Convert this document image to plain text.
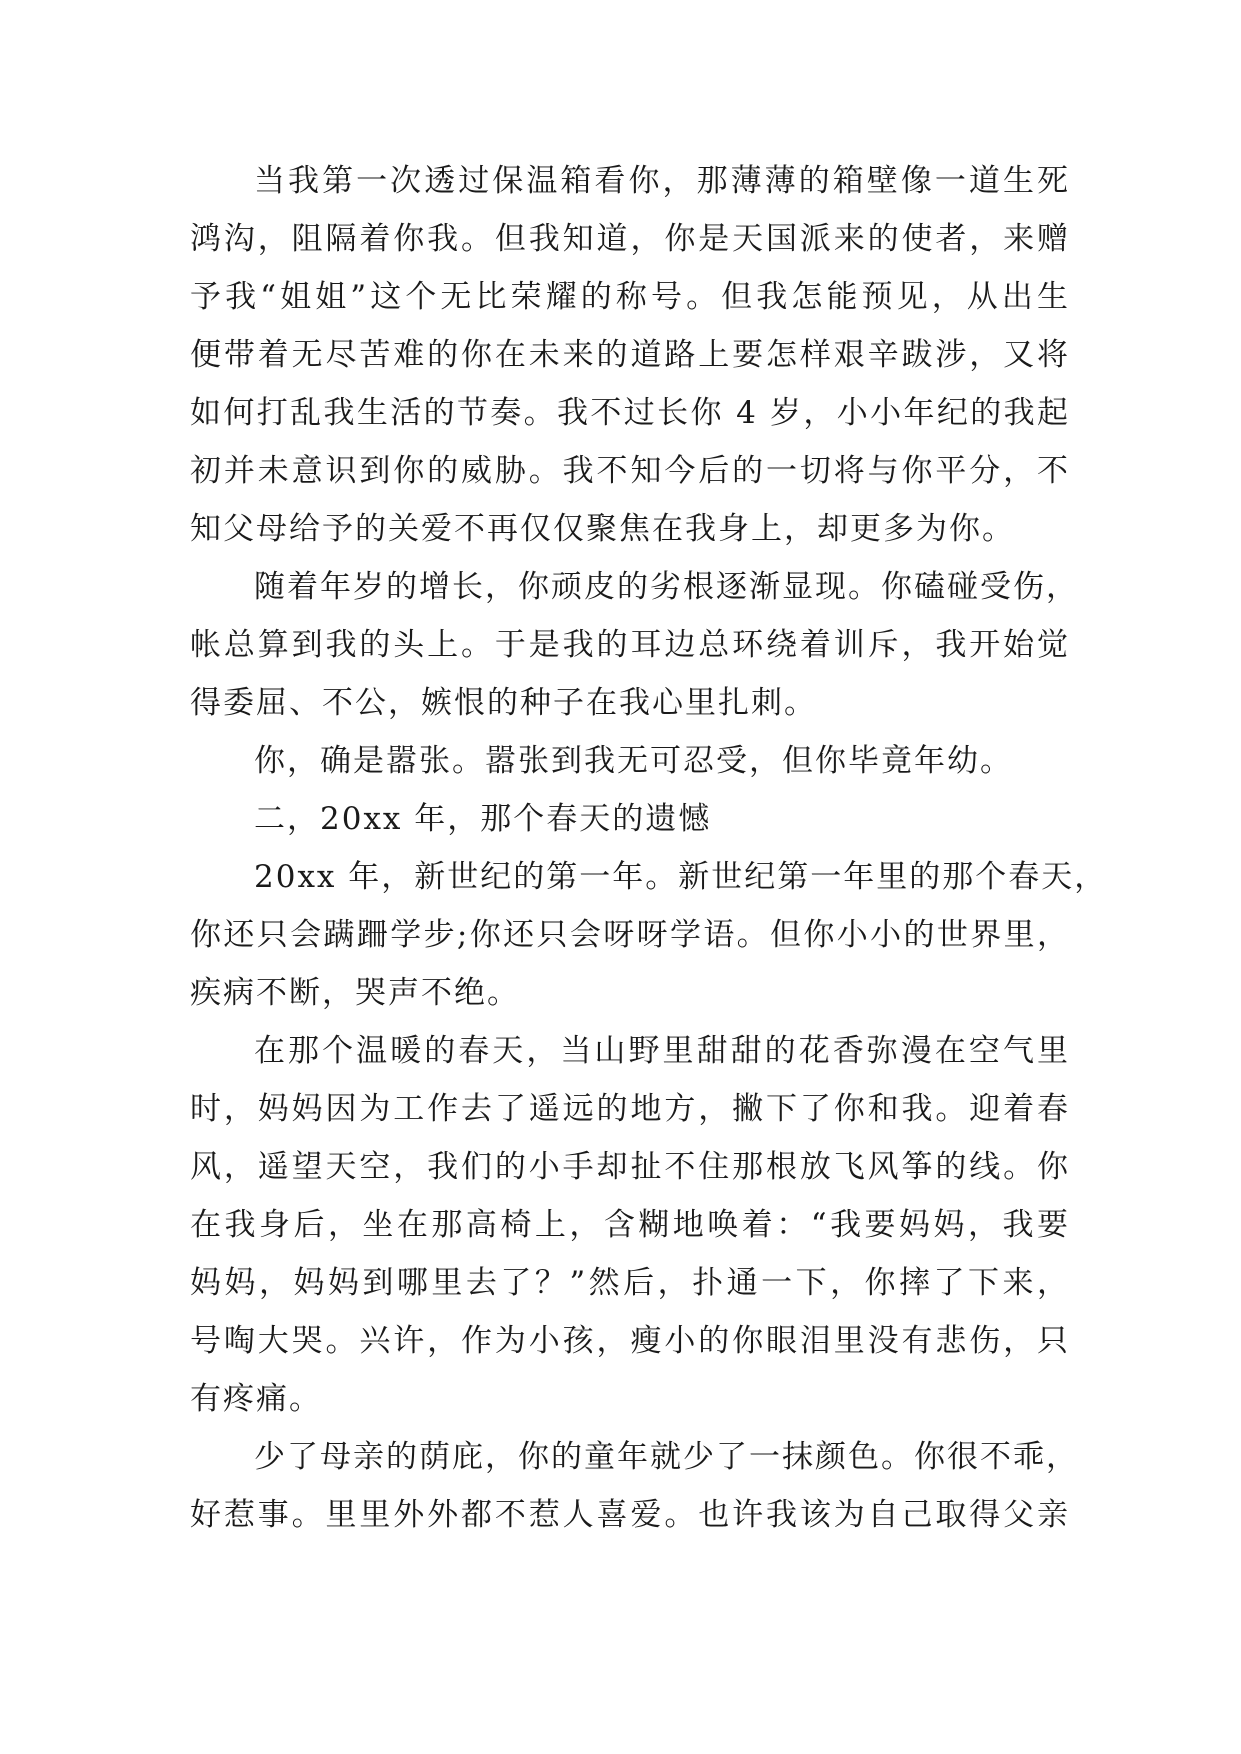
当我第一次透过保温箱看你，那薄薄的箱壁像一道生死
鸿沟，阻隔着你我。但我知道，你是天国派来的使者，来赠
予我“姐姐”这个无比荣耀的称号。但我怎能预见，从出生
便带着无尽苦难的你在未来的道路上要怎样艰辛跋涉，又将
如何打乱我生活的节奏。我不过长你 4 岁，小小年纪的我起
初并未意识到你的威胁。我不知今后的一切将与你平分，不
知父母给予的关爱不再仅仅聚焦在我身上，却更多为你。
随着年岁的增长，你顽皮的劣根逐渐显现。你磕碰受伤，
帐总算到我的头上。于是我的耳边总环绕着训斥，我开始觉
得委屈、不公，嫉恨的种子在我心里扎刺。
你，确是嚣张。嚣张到我无可忍受，但你毕竟年幼。
二，20xx 年，那个春天的遗憾
20xx 年，新世纪的第一年。新世纪第一年里的那个春天，
你还只会蹒跚学步;你还只会呀呀学语。但你小小的世界里，
疾病不断，哭声不绝。
在那个温暖的春天，当山野里甜甜的花香弥漫在空气里
时，妈妈因为工作去了遥远的地方，撇下了你和我。迎着春
风，遥望天空，我们的小手却扯不住那根放飞风筝的线。你
在我身后，坐在那高椅上，含糊地唤着：“我要妈妈，我要
妈妈，妈妈到哪里去了？”然后，扑通一下，你摔了下来，
号啕大哭。兴许，作为小孩，瘦小的你眼泪里没有悲伤，只
有疼痛。
少了母亲的荫庇，你的童年就少了一抹颜色。你很不乖，
好惹事。里里外外都不惹人喜爱。也许我该为自己取得父亲
